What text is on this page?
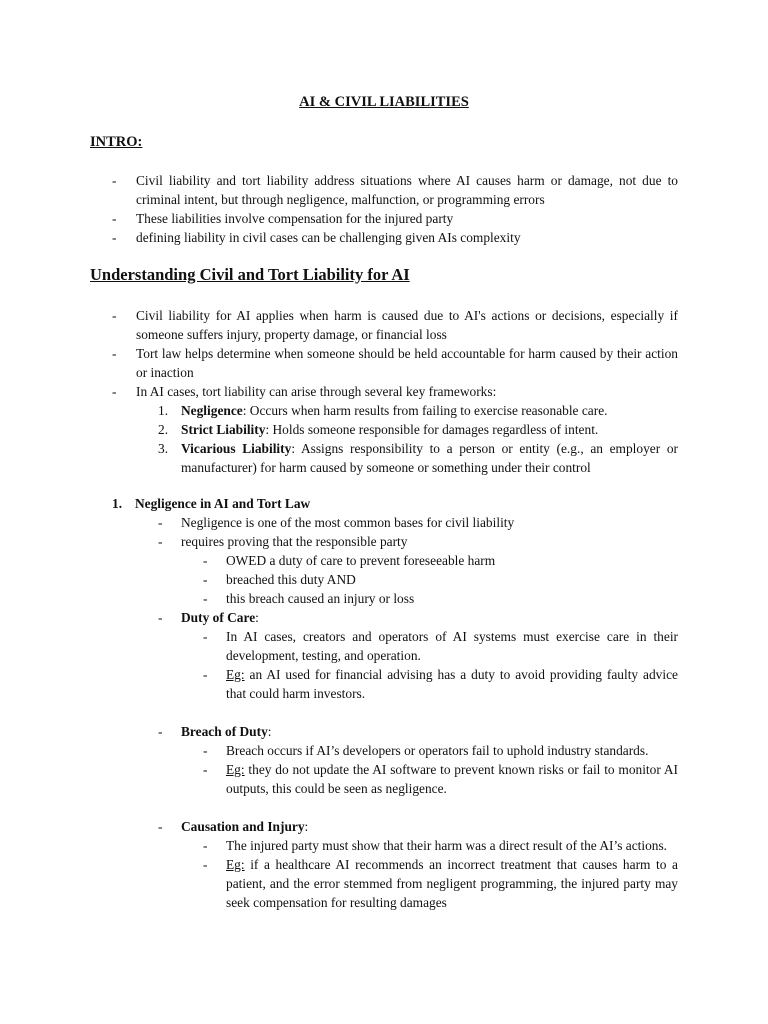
AI & CIVIL LIABILITIES
INTRO:
- Civil liability and tort liability address situations where AI causes harm or damage, not due to criminal intent, but through negligence, malfunction, or programming errors
- These liabilities involve compensation for the injured party
- defining liability in civil cases can be challenging given AIs complexity
Understanding Civil and Tort Liability for AI
- Civil liability for AI applies when harm is caused due to AI's actions or decisions, especially if someone suffers injury, property damage, or financial loss
- Tort law helps determine when someone should be held accountable for harm caused by their action or inaction
- In AI cases, tort liability can arise through several key frameworks:
1. Negligence: Occurs when harm results from failing to exercise reasonable care.
2. Strict Liability: Holds someone responsible for damages regardless of intent.
3. Vicarious Liability: Assigns responsibility to a person or entity (e.g., an employer or manufacturer) for harm caused by someone or something under their control
1. Negligence in AI and Tort Law
- Negligence is one of the most common bases for civil liability
- requires proving that the responsible party
- OWED a duty of care to prevent foreseeable harm
- breached this duty AND
- this breach caused an injury or loss
- Duty of Care:
- In AI cases, creators and operators of AI systems must exercise care in their development, testing, and operation.
- Eg: an AI used for financial advising has a duty to avoid providing faulty advice that could harm investors.
- Breach of Duty:
- Breach occurs if AI’s developers or operators fail to uphold industry standards.
- Eg: they do not update the AI software to prevent known risks or fail to monitor AI outputs, this could be seen as negligence.
- Causation and Injury:
- The injured party must show that their harm was a direct result of the AI’s actions.
- Eg: if a healthcare AI recommends an incorrect treatment that causes harm to a patient, and the error stemmed from negligent programming, the injured party may seek compensation for resulting damages
